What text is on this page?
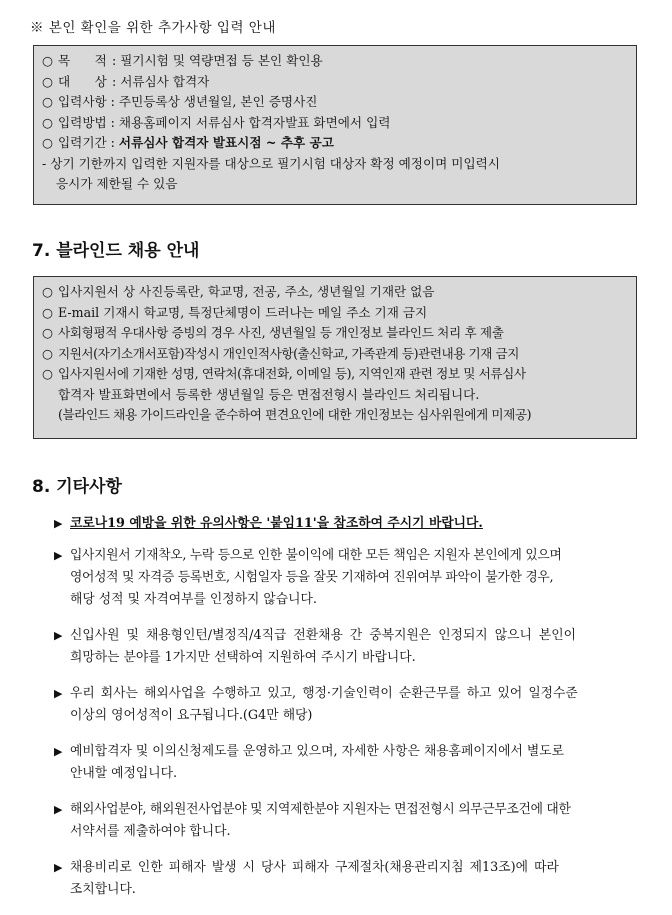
※ 본인 확인을 위한 추가사항 입력 안내
○ 목 적 : 필기시험 및 역량면접 등 본인 확인용
○ 대 상 : 서류심사 합격자
○ 입력사항 : 주민등록상 생년월일, 본인 증명사진
○ 입력방법 : 채용홈페이지 서류심사 합격자발표 화면에서 입력
○ 입력기간 : 서류심사 합격자 발표시점 ~ 추후 공고
- 상기 기한까지 입력한 지원자를 대상으로 필기시험 대상자 확정 예정이며 미입력시
응시가 제한될 수 있음
7. 블라인드 채용 안내
○ 입사지원서 상 사진등록란, 학교명, 전공, 주소, 생년월일 기재란 없음
○ E-mail 기재시 학교명, 특정단체명이 드러나는 메일 주소 기재 금지
○ 사회형평적 우대사항 증빙의 경우 사진, 생년월일 등 개인정보 블라인드 처리 후 제출
○ 지원서(자기소개서포함)작성시 개인인적사항(출신학교, 가족관계 등)관련내용 기재 금지
○ 입사지원서에 기재한 성명, 연락처(휴대전화, 이메일 등), 지역인재 관련 정보 및 서류심사
합격자 발표화면에서 등록한 생년월일 등은 면접전형시 블라인드 처리됩니다.
(블라인드 채용 가이드라인을 준수하여 편견요인에 대한 개인정보는 심사위원에게 미제공)
8. 기타사항
▶ 코로나19 예방을 위한 유의사항은 '붙임11'을 참조하여 주시기 바랍니다.
▶ 입사지원서 기재착오, 누락 등으로 인한 불이익에 대한 모든 책임은 지원자 본인에게 있으며
영어성적 및 자격증 등록번호, 시험일자 등을 잘못 기재하여 진위여부 파악이 불가한 경우,
해당 성적 및 자격여부를 인정하지 않습니다.
▶ 신입사원 및 채용형인턴/별정직/4직급 전환채용 간 중복지원은 인정되지 않으니 본인이
희망하는 분야를 1가지만 선택하여 지원하여 주시기 바랍니다.
▶ 우리 회사는 해외사업을 수행하고 있고, 행정·기술인력이 순환근무를 하고 있어 일정수준
이상의 영어성적이 요구됩니다.(G4만 해당)
▶ 예비합격자 및 이의신청제도를 운영하고 있으며, 자세한 사항은 채용홈페이지에서 별도로
안내할 예정입니다.
▶ 해외사업분야, 해외원전사업분야 및 지역제한분야 지원자는 면접전형시 의무근무조건에 대한
서약서를 제출하여야 합니다.
▶ 채용비리로 인한 피해자 발생 시 당사 피해자 구제절차(채용관리지침 제13조)에 따라
조치합니다.
